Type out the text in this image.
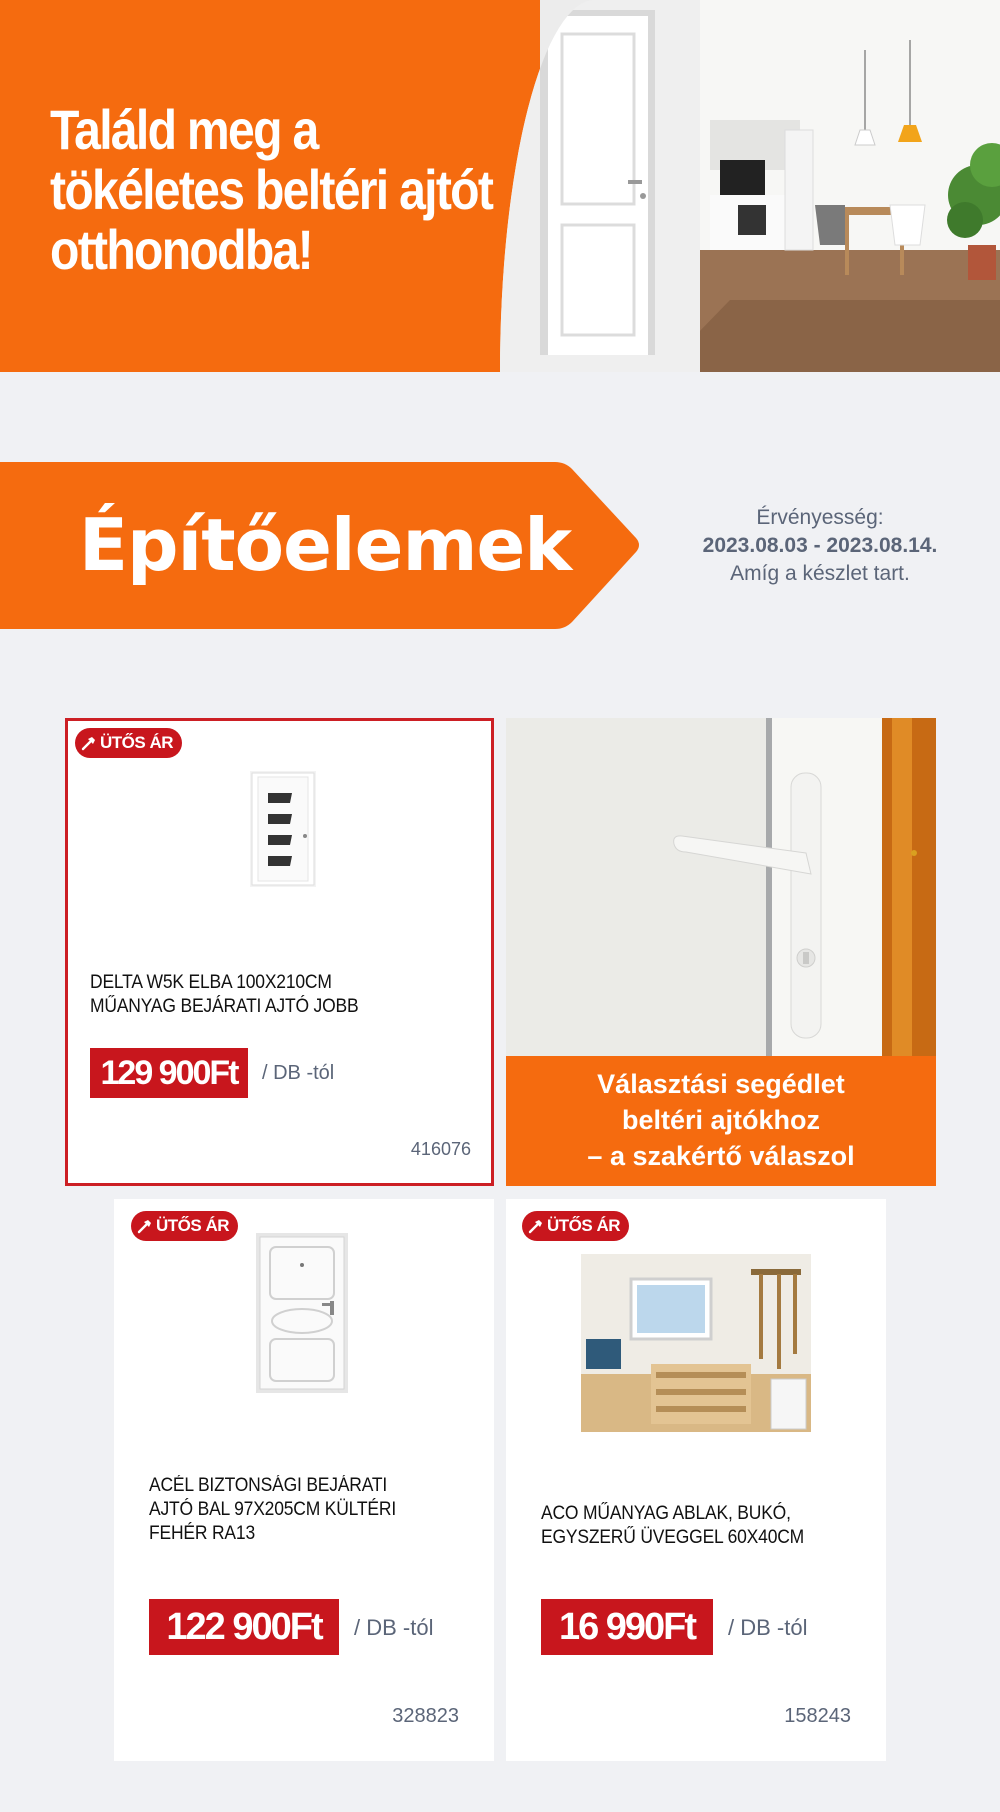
Találd meg a tökéletes beltéri ajtót otthonodba!
Építőelemek	Érvényesség:
2023.08.03 - 2023.08.14.
Amíg a készlet tart.
ÜTŐS ÁR
DELTA W5K ELBA 100X210CM MŰANYAG BEJÁRATI AJTÓ JOBB
129 900Ft	/ DB -tól
416076
Választási segédlet
beltéri ajtókhoz
– a szakértő válaszol
ÜTŐS ÁR
ACÉL BIZTONSÁGI BEJÁRATI AJTÓ BAL 97X205CM KÜLTÉRI FEHÉR RA13
122 900Ft	/ DB -tól
328823
ÜTŐS ÁR
ACO MŰANYAG ABLAK, BUKÓ, EGYSZERŰ ÜVEGGEL 60X40CM
16 990Ft	/ DB -tól
158243
